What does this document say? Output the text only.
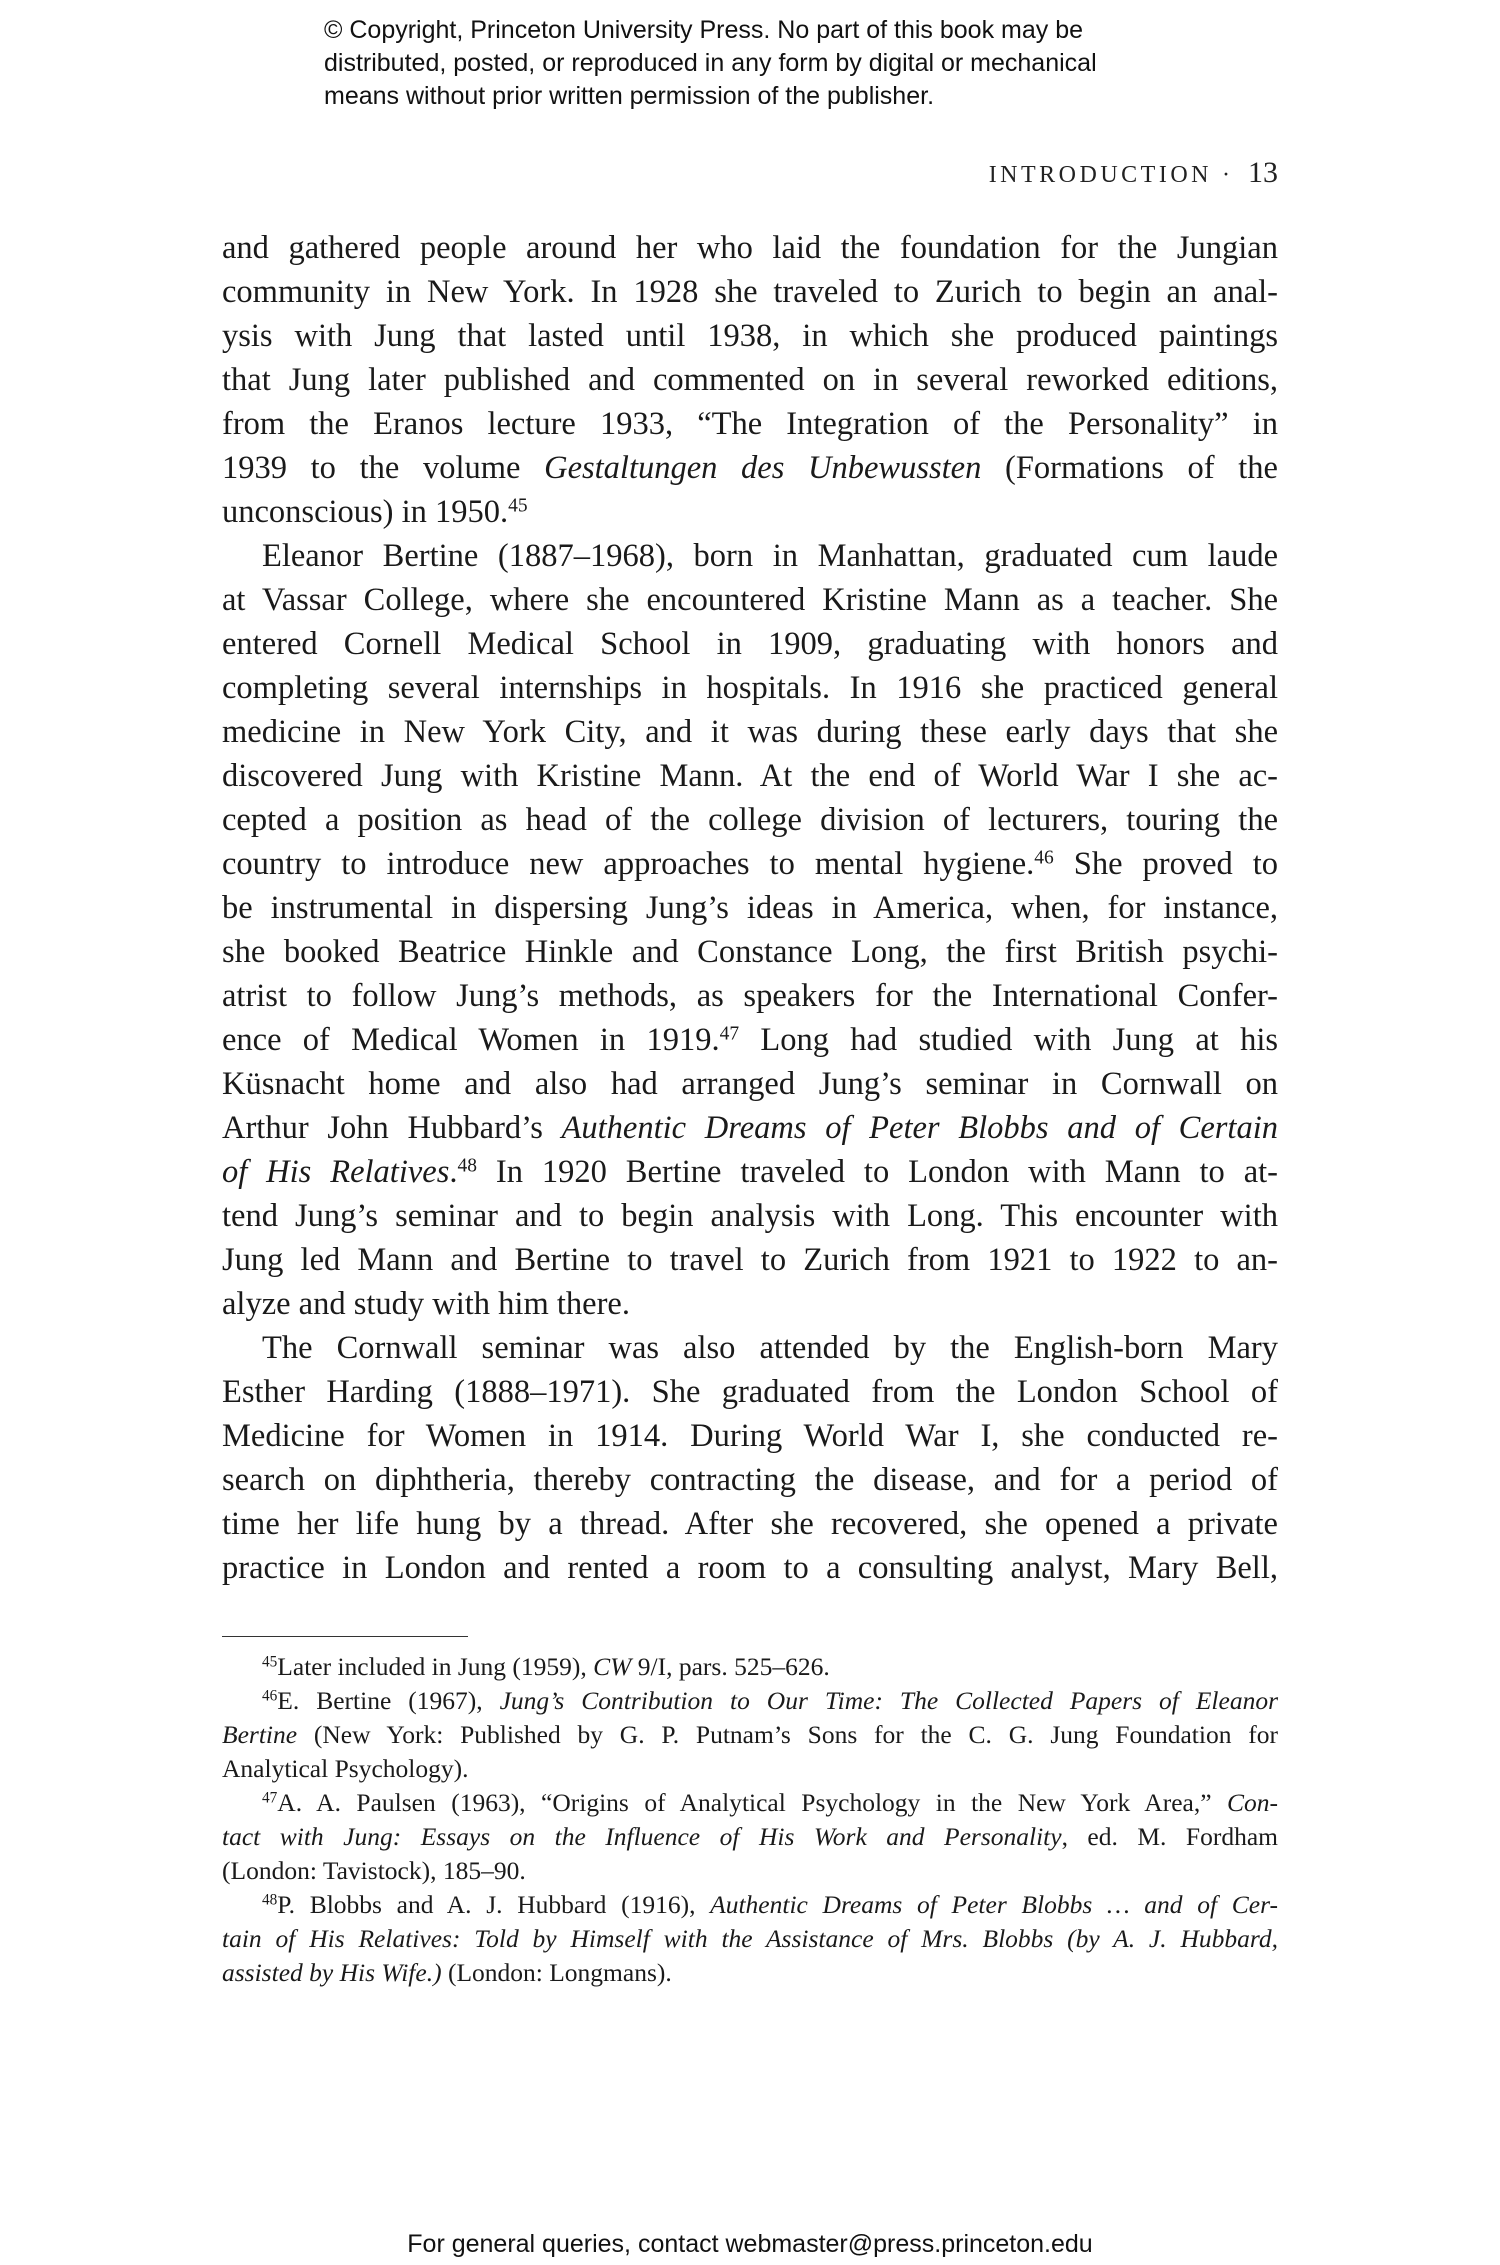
© Copyright, Princeton University Press. No part of this book may be
distributed, posted, or reproduced in any form by digital or mechanical
means without prior written permission of the publisher.
INTRODUCTION · 13
and gathered people around her who laid the foundation for the Jungian
community in New York. In 1928 she traveled to Zurich to begin an anal-
ysis with Jung that lasted until 1938, in which she produced paintings
that Jung later published and commented on in several reworked editions,
from the Eranos lecture 1933, “The Integration of the Personality” in
1939 to the volume Gestaltungen des Unbewussten (Formations of the
unconscious) in 1950.45
Eleanor Bertine (1887–1968), born in Manhattan, graduated cum laude
at Vassar College, where she encountered Kristine Mann as a teacher. She
entered Cornell Medical School in 1909, graduating with honors and
completing several internships in hospitals. In 1916 she practiced general
medicine in New York City, and it was during these early days that she
discovered Jung with Kristine Mann. At the end of World War I she ac-
cepted a position as head of the college division of lecturers, touring the
country to introduce new approaches to mental hygiene.$^{46}$ She proved to
be instrumental in dispersing Jung’s ideas in America, when, for instance,
she booked Beatrice Hinkle and Constance Long, the first British psychi-
atrist to follow Jung’s methods, as speakers for the International Confer-
ence of Medical Women in 1919.47 Long had studied with Jung at his
Küsnacht home and also had arranged Jung’s seminar in Cornwall on
Arthur John Hubbard’s Authentic Dreams of Peter Blobbs and of Certain
of His Relatives.$^{48}$ In 1920 Bertine traveled to London with Mann to at-
tend Jung’s seminar and to begin analysis with Long. This encounter with
Jung led Mann and Bertine to travel to Zurich from 1921 to 1922 to an-
alyze and study with him there.
The Cornwall seminar was also attended by the English-born Mary
Esther Harding (1888–1971). She graduated from the London School of
Medicine for Women in 1914. During World War I, she conducted re-
search on diphtheria, thereby contracting the disease, and for a period of
time her life hung by a thread. After she recovered, she opened a private
practice in London and rented a room to a consulting analyst, Mary Bell,
$^{45}$Later included in Jung (1959), CW 9/I, pars. 525–626.
$^{46}$E. Bertine (1967), Jung’s Contribution to Our Time: The Collected Papers of Eleanor
Bertine (New York: Published by G. P. Putnam’s Sons for the C. G. Jung Foundation for
Analytical Psychology).
$^{47}$A. A. Paulsen (1963), “Origins of Analytical Psychology in the New York Area,” Con-
tact with Jung: Essays on the Influence of His Work and Personality, ed. M. Fordham
(London: Tavistock), 185–90.
$^{48}$P. Blobbs and A. J. Hubbard (1916), Authentic Dreams of Peter Blobbs … and of Cer-
tain of His Relatives: Told by Himself with the Assistance of Mrs. Blobbs (by A. J. Hubbard,
assisted by His Wife.) (London: Longmans).
For general queries, contact webmaster@press.princeton.edu
